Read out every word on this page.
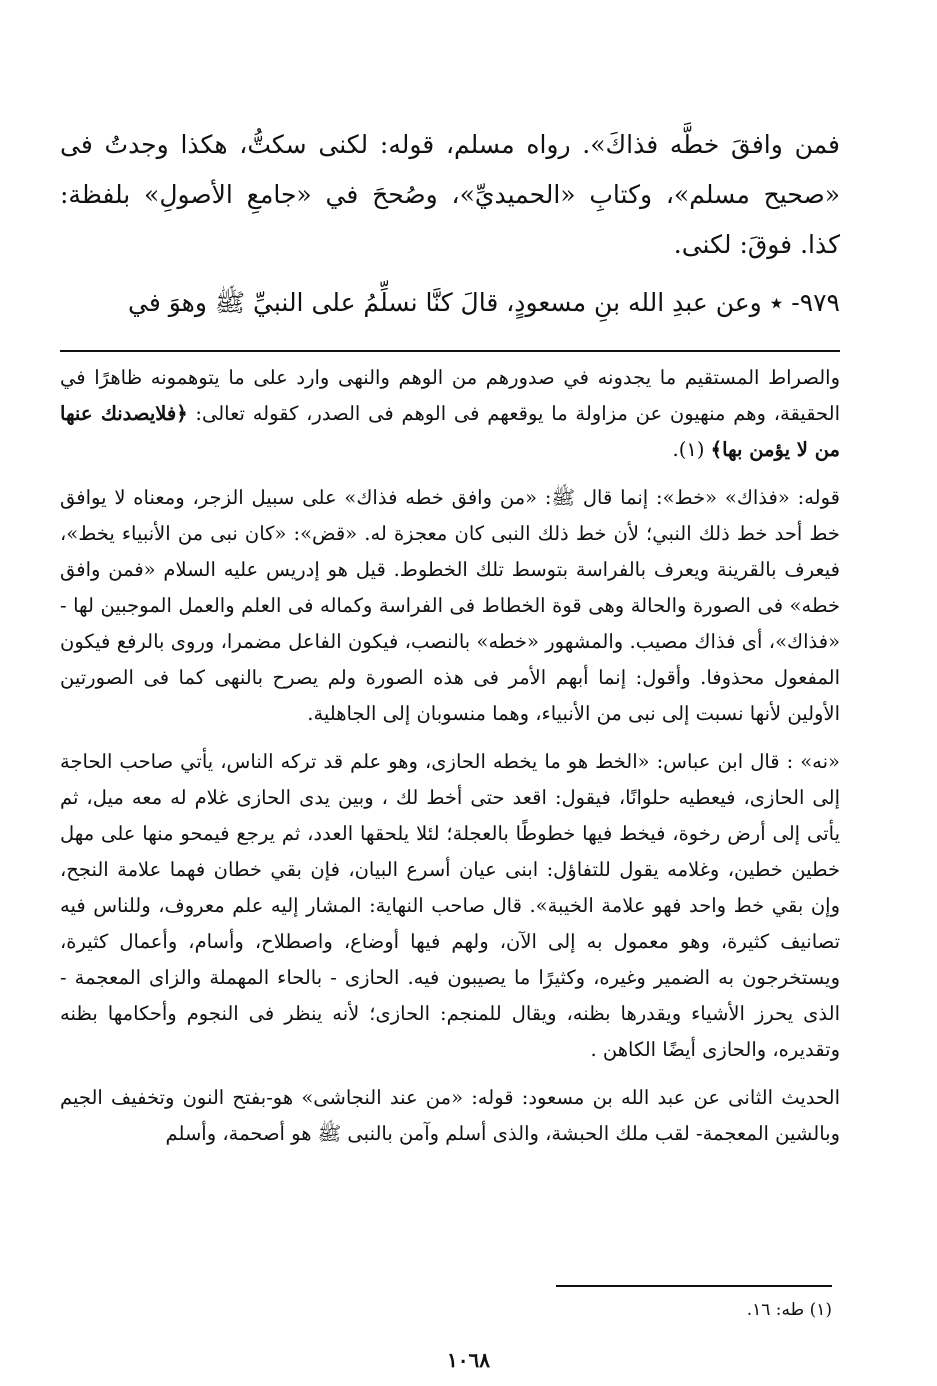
فمن وافقَ خطَّه فذاكَ». رواه مسلم، قوله: لكنى سكتُّ، هكذا وجدتُ فى «صحيح مسلم»، وكتابِ «الحميديِّ»، وصُححَ في «جامعِ الأصولِ» بلفظة: كذا. فوقَ: لكنى.

٩٧٩- ٭ وعن عبدِ الله بنِ مسعودٍ، قالَ كنَّا نسلِّمُ على النبيِّ ﷺ وهوَ في

والصراط المستقيم ما يجدونه في صدورهم من الوهم والنهى وارد على ما يتوهمونه ظاهرًا في الحقيقة، وهم منهيون عن مزاولة ما يوقعهم فى الوهم فى الصدر، كقوله تعالى: ﴿فلايصدنك عنها من لا يؤمن بها﴾ (١).

قوله: «فذاك» «خط»: إنما قال ﷺ: «من وافق خطه فذاك» على سبيل الزجر، ومعناه لا يوافق خط أحد خط ذلك النبي؛ لأن خط ذلك النبى كان معجزة له. «قض»: «كان نبى من الأنبياء يخط»، فيعرف بالقرينة ويعرف بالفراسة بتوسط تلك الخطوط. قيل هو إدريس عليه السلام «فمن وافق خطه» فى الصورة والحالة وهى قوة الخطاط فى الفراسة وكماله فى العلم والعمل الموجبين لها - «فذاك»، أى فذاك مصيب. والمشهور «خطه» بالنصب، فيكون الفاعل مضمرا، وروى بالرفع فيكون المفعول محذوفا. وأقول: إنما أبهم الأمر فى هذه الصورة ولم يصرح بالنهى كما فى الصورتين الأولين لأنها نسبت إلى نبى من الأنبياء، وهما منسوبان إلى الجاهلية.

«نه» : قال ابن عباس: «الخط هو ما يخطه الحازى، وهو علم قد تركه الناس، يأتي صاحب الحاجة إلى الحازى، فيعطيه حلوانًا، فيقول: اقعد حتى أخط لك ، وبين يدى الحازى غلام له معه ميل، ثم يأتى إلى أرض رخوة، فيخط فيها خطوطًا بالعجلة؛ لئلا يلحقها العدد، ثم يرجع فيمحو منها على مهل خطين خطين، وغلامه يقول للتفاؤل: ابنى عيان أسرع البيان، فإن بقي خطان فهما علامة النجح، وإن بقي خط واحد فهو علامة الخيبة». قال صاحب النهاية: المشار إليه علم معروف، وللناس فيه تصانيف كثيرة، وهو معمول به إلى الآن، ولهم فيها أوضاع، واصطلاح، وأسام، وأعمال كثيرة، ويستخرجون به الضمير وغيره، وكثيرًا ما يصيبون فيه. الحازى - بالحاء المهملة والزاى المعجمة - الذى يحرز الأشياء ويقدرها بظنه، ويقال للمنجم: الحازى؛ لأنه ينظر فى النجوم وأحكامها بظنه وتقديره، والحازى أيضًا الكاهن .

الحديث الثانى عن عبد الله بن مسعود: قوله: «من عند النجاشى» هو-بفتح النون وتخفيف الجيم وبالشين المعجمة- لقب ملك الحبشة، والذى أسلم وآمن بالنبى ﷺ هو أصحمة، وأسلم

(١) طه: ١٦.
١٠٦٨
